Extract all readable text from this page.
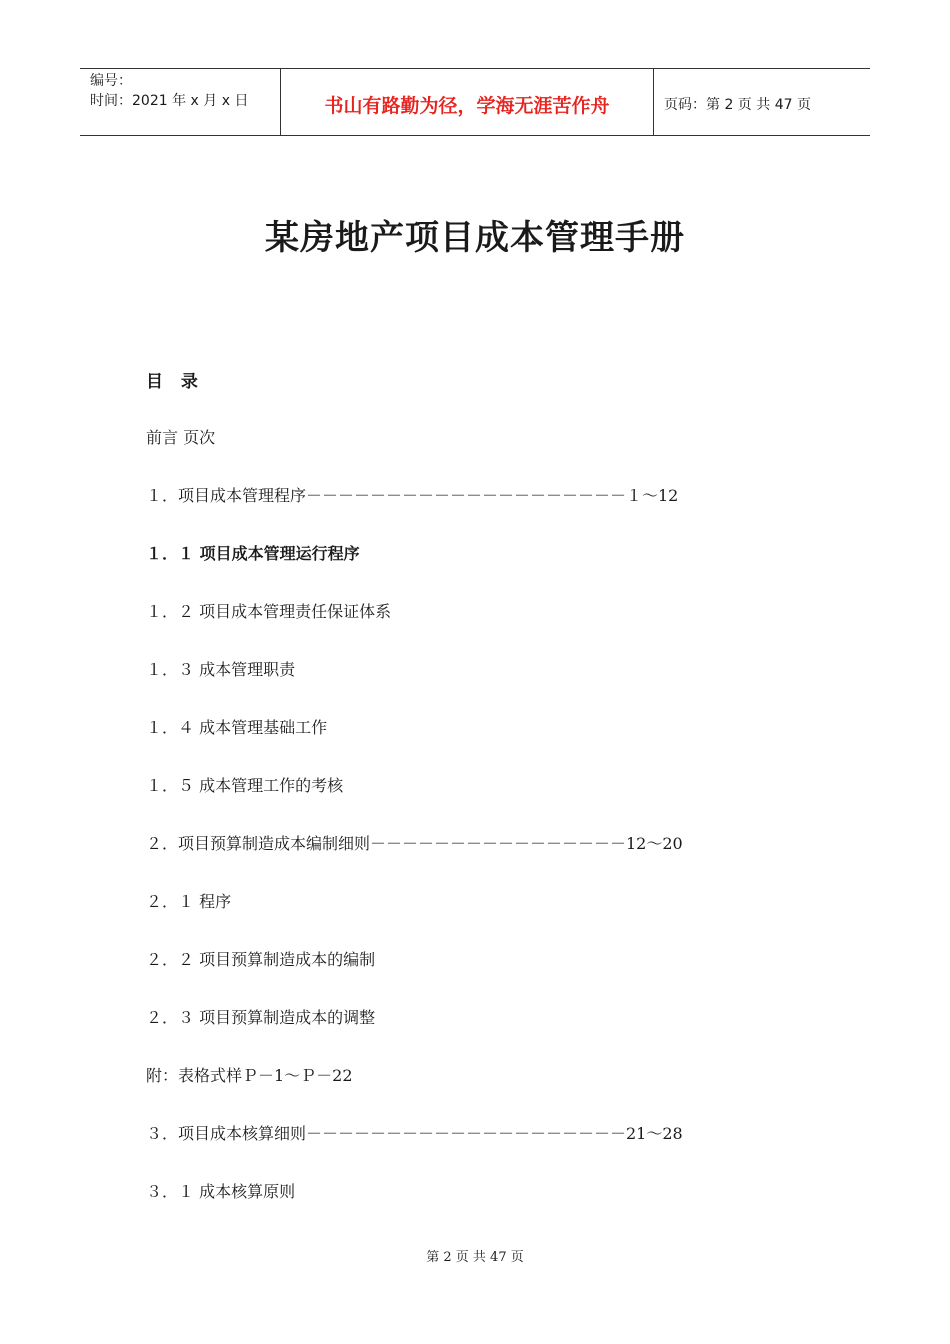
编号：
时间：2021 年 x 月 x 日	书山有路勤为径，学海无涯苦作舟	页码：第 2 页 共 47 页
某房地产项目成本管理手册
目 录
前言 页次
１．项目成本管理程序－－－－－－－－－－－－－－－－－－－－１～12
１．１ 项目成本管理运行程序
１．２ 项目成本管理责任保证体系
１．３ 成本管理职责
１．４ 成本管理基础工作
１．５ 成本管理工作的考核
２．项目预算制造成本编制细则－－－－－－－－－－－－－－－－12～20
２．１ 程序
２．２ 项目预算制造成本的编制
２．３ 项目预算制造成本的调整
附：表格式样Ｐ－1～Ｐ－22
３．项目成本核算细则－－－－－－－－－－－－－－－－－－－－21～28
３．１ 成本核算原则
第 2 页 共 47 页
